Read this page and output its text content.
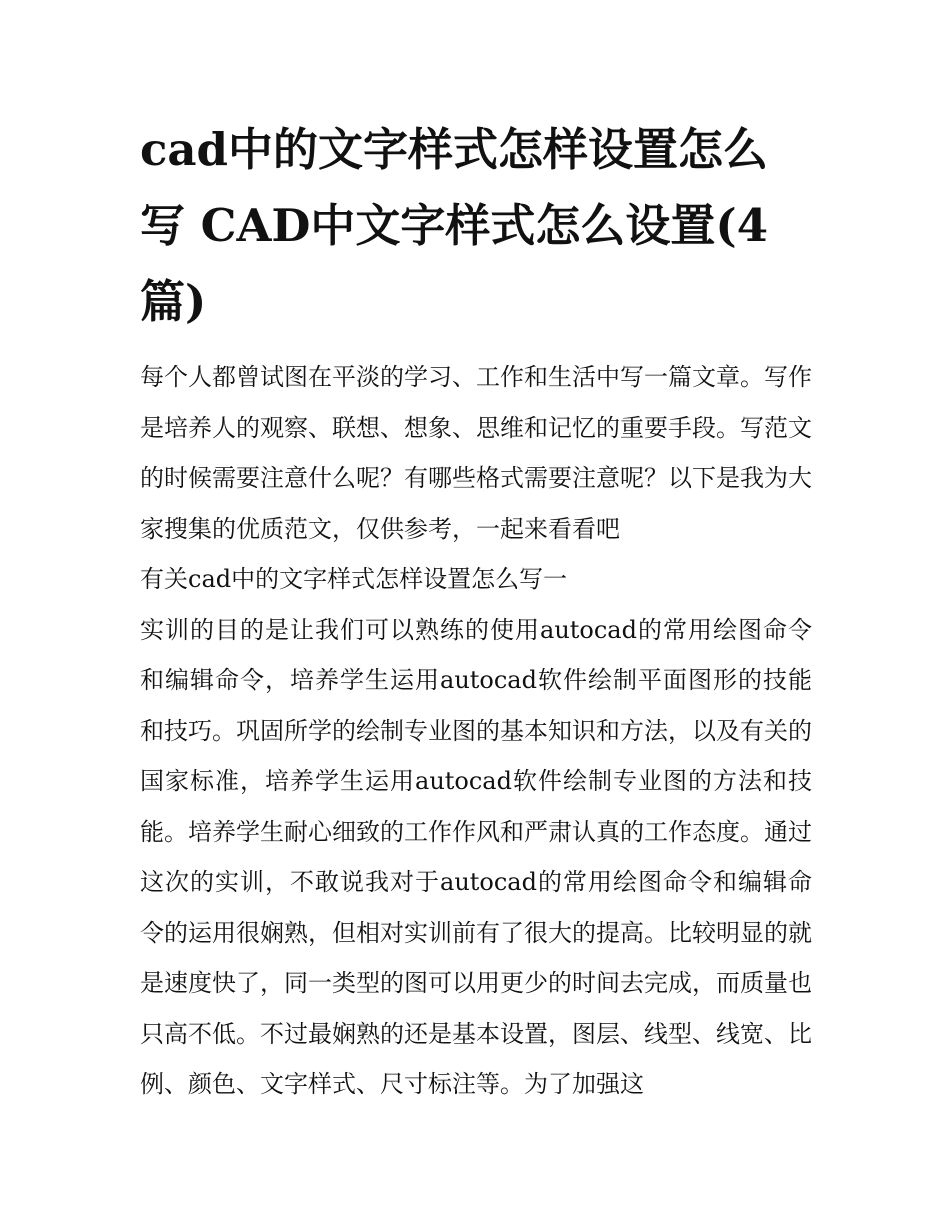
cad中的文字样式怎样设置怎么写 CAD中文字样式怎么设置(4篇)

每个人都曾试图在平淡的学习、工作和生活中写一篇文章。写作是培养人的观察、联想、想象、思维和记忆的重要手段。写范文的时候需要注意什么呢？有哪些格式需要注意呢？以下是我为大家搜集的优质范文，仅供参考，一起来看看吧

有关cad中的文字样式怎样设置怎么写一

实训的目的是让我们可以熟练的使用autocad的常用绘图命令和编辑命令，培养学生运用autocad软件绘制平面图形的技能和技巧。巩固所学的绘制专业图的基本知识和方法，以及有关的国家标准，培养学生运用autocad软件绘制专业图的方法和技能。培养学生耐心细致的工作作风和严肃认真的工作态度。通过这次的实训，不敢说我对于autocad的常用绘图命令和编辑命令的运用很娴熟，但相对实训前有了很大的提高。比较明显的就是速度快了，同一类型的图可以用更少的时间去完成，而质量也只高不低。不过最娴熟的还是基本设置，图层、线型、线宽、比例、颜色、文字样式、尺寸标注等。为了加强这
